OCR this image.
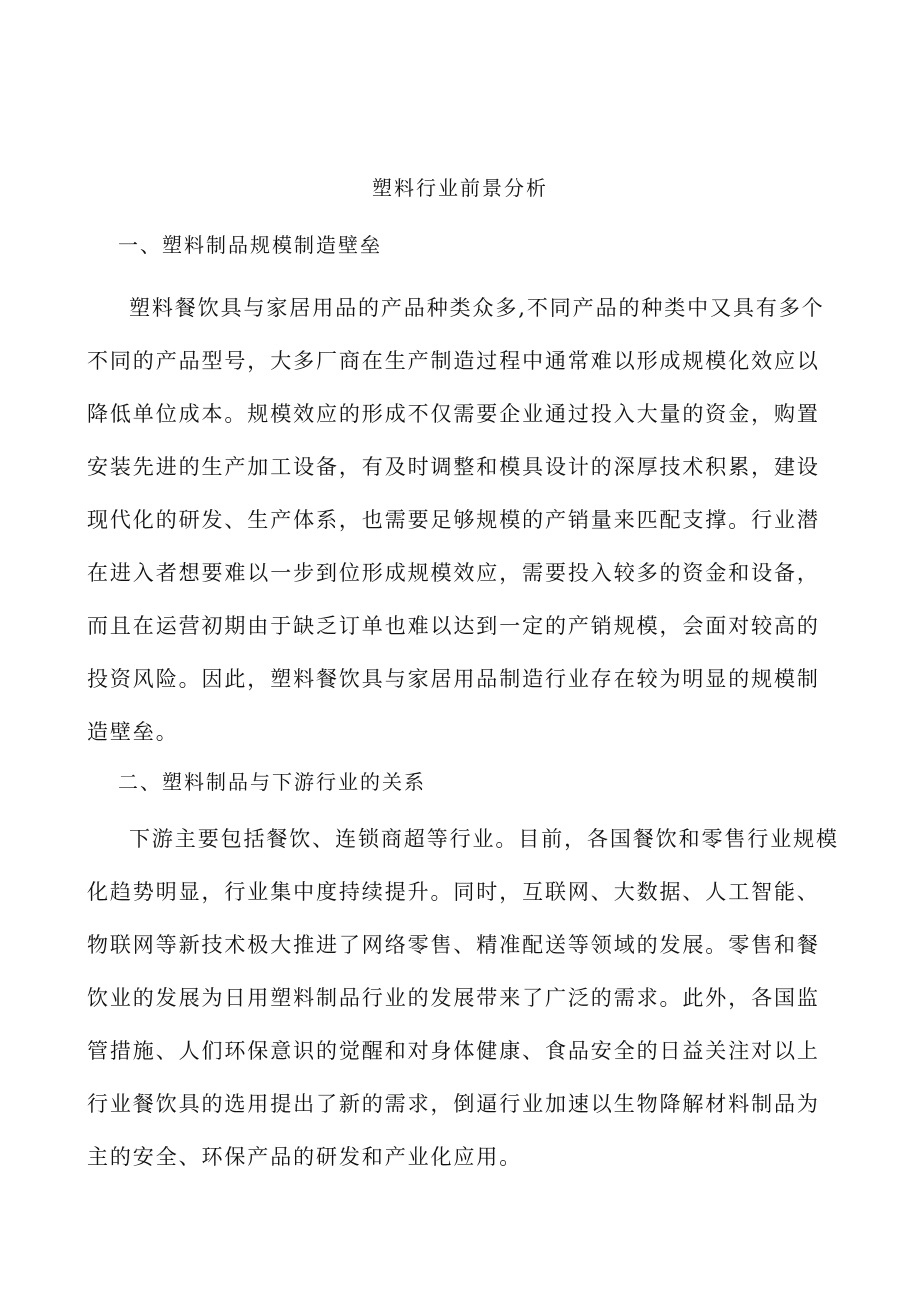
塑料行业前景分析
一、塑料制品规模制造壁垒
塑料餐饮具与家居用品的产品种类众多,不同产品的种类中又具有多个
不同的产品型号，大多厂商在生产制造过程中通常难以形成规模化效应以
降低单位成本。规模效应的形成不仅需要企业通过投入大量的资金，购置
安装先进的生产加工设备，有及时调整和模具设计的深厚技术积累，建设
现代化的研发、生产体系，也需要足够规模的产销量来匹配支撑。行业潜
在进入者想要难以一步到位形成规模效应，需要投入较多的资金和设备，
而且在运营初期由于缺乏订单也难以达到一定的产销规模，会面对较高的
投资风险。因此，塑料餐饮具与家居用品制造行业存在较为明显的规模制
造壁垒。
二、塑料制品与下游行业的关系
下游主要包括餐饮、连锁商超等行业。目前，各国餐饮和零售行业规模
化趋势明显，行业集中度持续提升。同时，互联网、大数据、人工智能、
物联网等新技术极大推进了网络零售、精准配送等领域的发展。零售和餐
饮业的发展为日用塑料制品行业的发展带来了广泛的需求。此外，各国监
管措施、人们环保意识的觉醒和对身体健康、食品安全的日益关注对以上
行业餐饮具的选用提出了新的需求，倒逼行业加速以生物降解材料制品为
主的安全、环保产品的研发和产业化应用。
